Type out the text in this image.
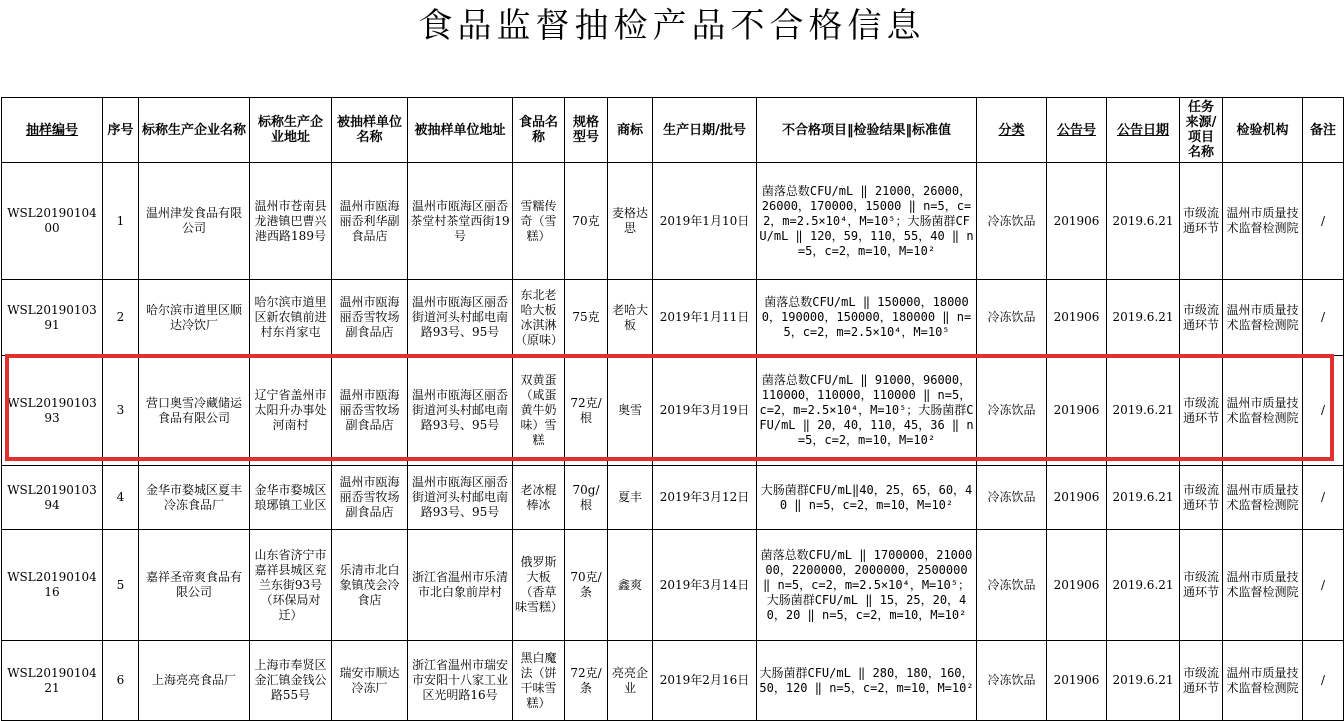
食品监督抽检产品不合格信息
抽样编号	序号	标称生产企业名称	标称生产企业地址	被抽样单位名称	被抽样单位地址	食品名称	规格型号	商标	生产日期/批号	不合格项目‖检验结果‖标准值	分类	公告号	公告日期	任务来源/项目名称	检验机构	备注
WSL2019010400	1	温州津发食品有限公司	温州市苍南县龙港镇巴曹兴港西路189号	温州市瓯海丽岙利华副食品店	温州市瓯海区丽岙茶堂村茶堂西街19号	雪糯传奇（雪糕）	70克	麦格达思	2019年1月10日	菌落总数CFU/mL ‖ 21000，26000，26000，170000，15000 ‖ n=5，c=2，m=2.5×10⁴，M=10⁵；大肠菌群CFU/mL ‖ 120，59，110，55，40 ‖ n=5，c=2，m=10，M=10²	冷冻饮品	201906	2019.6.21	市级流通环节	温州市质量技术监督检测院	/
WSL2019010391	2	哈尔滨市道里区顺达冷饮厂	哈尔滨市道里区新农镇前进村东肖家屯	温州市瓯海丽岙雪牧场副食品店	温州市瓯海区丽岙街道河头村邮电南路93号、95号	东北老哈大板冰淇淋（原味）	75克	老哈大板	2019年1月11日	菌落总数CFU/mL ‖ 150000，180000，190000，150000，180000 ‖ n=5，c=2，m=2.5×10⁴，M=10⁵	冷冻饮品	201906	2019.6.21	市级流通环节	温州市质量技术监督检测院	/
WSL2019010393	3	营口奥雪冷藏储运食品有限公司	辽宁省盖州市太阳升办事处河南村	温州市瓯海丽岙雪牧场副食品店	温州市瓯海区丽岙街道河头村邮电南路93号、95号	双黄蛋（咸蛋黄牛奶味）雪糕	72克/根	奥雪	2019年3月19日	菌落总数CFU/mL ‖ 91000，96000，110000，110000，110000 ‖ n=5，c=2，m=2.5×10⁴，M=10⁵；大肠菌群CFU/mL ‖ 20，40，110，45，36 ‖ n=5，c=2，m=10，M=10²	冷冻饮品	201906	2019.6.21	市级流通环节	温州市质量技术监督检测院	/
WSL2019010394	4	金华市婺城区夏丰冷冻食品厂	金华市婺城区琅琊镇工业区	温州市瓯海丽岙雪牧场副食品店	温州市瓯海区丽岙街道河头村邮电南路93号、95号	老冰棍棒冰	70g/根	夏丰	2019年3月12日	大肠菌群CFU/mL‖40，25，65，60，40 ‖ n=5，c=2，m=10，M=10²	冷冻饮品	201906	2019.6.21	市级流通环节	温州市质量技术监督检测院	/
WSL2019010416	5	嘉祥圣帝爽食品有限公司	山东省济宁市嘉祥县城区兖兰东街93号（环保局对迁）	乐清市北白象镇茂会冷食店	浙江省温州市乐清市北白象前岸村	俄罗斯大板（香草味雪糕）	70克/条	鑫爽	2019年3月14日	菌落总数CFU/mL ‖ 1700000，2100000，2200000，2000000，2500000 ‖ n=5，c=2，m=2.5×10⁴，M=10⁵；大肠菌群CFU/mL ‖ 15，25，20，40，20 ‖ n=5，c=2，m=10，M=10²	冷冻饮品	201906	2019.6.21	市级流通环节	温州市质量技术监督检测院	/
WSL2019010421	6	上海亮亮食品厂	上海市奉贤区金汇镇金钱公路55号	瑞安市顺达冷冻厂	浙江省温州市瑞安市安阳十八家工业区光明路16号	黑白魔法（饼干味雪糕）	72克/条	亮亮企业	2019年2月16日	大肠菌群CFU/mL ‖ 280，180，160，50，120 ‖ n=5，c=2，m=10，M=10²	冷冻饮品	201906	2019.6.21	市级流通环节	温州市质量技术监督检测院	/
